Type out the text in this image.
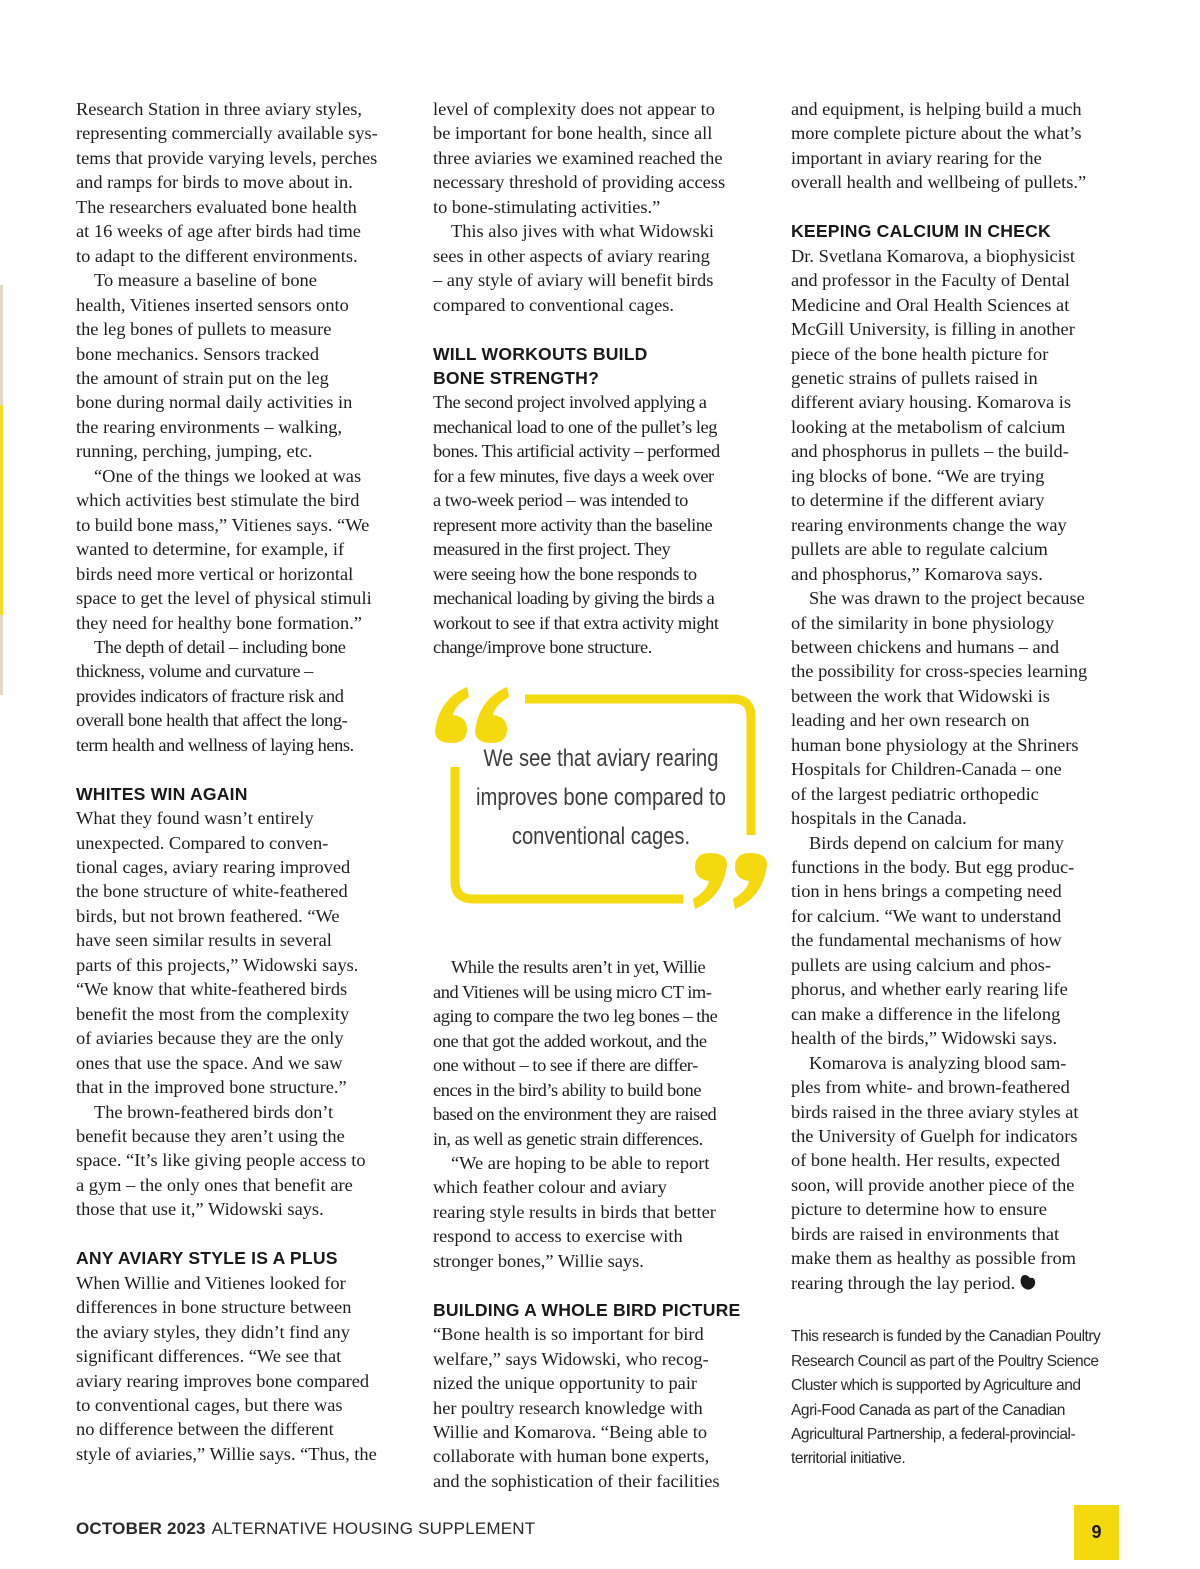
Research Station in three aviary styles,
representing commercially available sys-
tems that provide varying levels, perches
and ramps for birds to move about in.
The researchers evaluated bone health
at 16 weeks of age after birds had time
to adapt to the different environments.

To measure a baseline of bone
health, Vitienes inserted sensors onto
the leg bones of pullets to measure
bone mechanics. Sensors tracked
the amount of strain put on the leg
bone during normal daily activities in
the rearing environments – walking,
running, perching, jumping, etc.

“One of the things we looked at was
which activities best stimulate the bird
to build bone mass,” Vitienes says. “We
wanted to determine, for example, if
birds need more vertical or horizontal
space to get the level of physical stimuli
they need for healthy bone formation.”

The depth of detail – including bone
thickness, volume and curvature –
provides indicators of fracture risk and
overall bone health that affect the long-
term health and wellness of laying hens.

WHITES WIN AGAIN

What they found wasn’t entirely
unexpected. Compared to conven-
tional cages, aviary rearing improved
the bone structure of white-feathered
birds, but not brown feathered. “We
have seen similar results in several
parts of this projects,” Widowski says.
“We know that white-feathered birds
benefit the most from the complexity
of aviaries because they are the only
ones that use the space. And we saw
that in the improved bone structure.”

The brown-feathered birds don’t
benefit because they aren’t using the
space. “It’s like giving people access to
a gym – the only ones that benefit are
those that use it,” Widowski says.

ANY AVIARY STYLE IS A PLUS

When Willie and Vitienes looked for
differences in bone structure between
the aviary styles, they didn’t find any
significant differences. “We see that
aviary rearing improves bone compared
to conventional cages, but there was
no difference between the different
style of aviaries,” Willie says. “Thus, the

level of complexity does not appear to
be important for bone health, since all
three aviaries we examined reached the
necessary threshold of providing access
to bone-stimulating activities.”

This also jives with what Widowski
sees in other aspects of aviary rearing
– any style of aviary will benefit birds
compared to conventional cages.

WILL WORKOUTS BUILD
BONE STRENGTH?

The second project involved applying a
mechanical load to one of the pullet’s leg
bones. This artificial activity – performed
for a few minutes, five days a week over
a two-week period – was intended to
represent more activity than the baseline
measured in the first project. They
were seeing how the bone responds to
mechanical loading by giving the birds a
workout to see if that extra activity might
change/improve bone structure.

We see that aviary rearing
improves bone compared to
conventional cages.

While the results aren’t in yet, Willie
and Vitienes will be using micro CT im-
aging to compare the two leg bones – the
one that got the added workout, and the
one without – to see if there are differ-
ences in the bird’s ability to build bone
based on the environment they are raised
in, as well as genetic strain differences.

“We are hoping to be able to report
which feather colour and aviary
rearing style results in birds that better
respond to access to exercise with
stronger bones,” Willie says.

BUILDING A WHOLE BIRD PICTURE

“Bone health is so important for bird
welfare,” says Widowski, who recog-
nized the unique opportunity to pair
her poultry research knowledge with
Willie and Komarova. “Being able to
collaborate with human bone experts,
and the sophistication of their facilities

and equipment, is helping build a much
more complete picture about the what’s
important in aviary rearing for the
overall health and wellbeing of pullets.”

KEEPING CALCIUM IN CHECK

Dr. Svetlana Komarova, a biophysicist
and professor in the Faculty of Dental
Medicine and Oral Health Sciences at
McGill University, is filling in another
piece of the bone health picture for
genetic strains of pullets raised in
different aviary housing. Komarova is
looking at the metabolism of calcium
and phosphorus in pullets – the build-
ing blocks of bone. “We are trying
to determine if the different aviary
rearing environments change the way
pullets are able to regulate calcium
and phosphorus,” Komarova says.

She was drawn to the project because
of the similarity in bone physiology
between chickens and humans – and
the possibility for cross-species learning
between the work that Widowski is
leading and her own research on
human bone physiology at the Shriners
Hospitals for Children-Canada – one
of the largest pediatric orthopedic
hospitals in the Canada.

Birds depend on calcium for many
functions in the body. But egg produc-
tion in hens brings a competing need
for calcium. “We want to understand
the fundamental mechanisms of how
pullets are using calcium and phos-
phorus, and whether early rearing life
can make a difference in the lifelong
health of the birds,” Widowski says.

Komarova is analyzing blood sam-
ples from white- and brown-feathered
birds raised in the three aviary styles at
the University of Guelph for indicators
of bone health. Her results, expected
soon, will provide another piece of the
picture to determine how to ensure
birds are raised in environments that
make them as healthy as possible from
rearing through the lay period.

This research is funded by the Canadian Poultry
Research Council as part of the Poultry Science
Cluster which is supported by Agriculture and
Agri-Food Canada as part of the Canadian
Agricultural Partnership, a federal-provincial-
territorial initiative.
OCTOBER 2023 ALTERNATIVE HOUSING SUPPLEMENT	9
